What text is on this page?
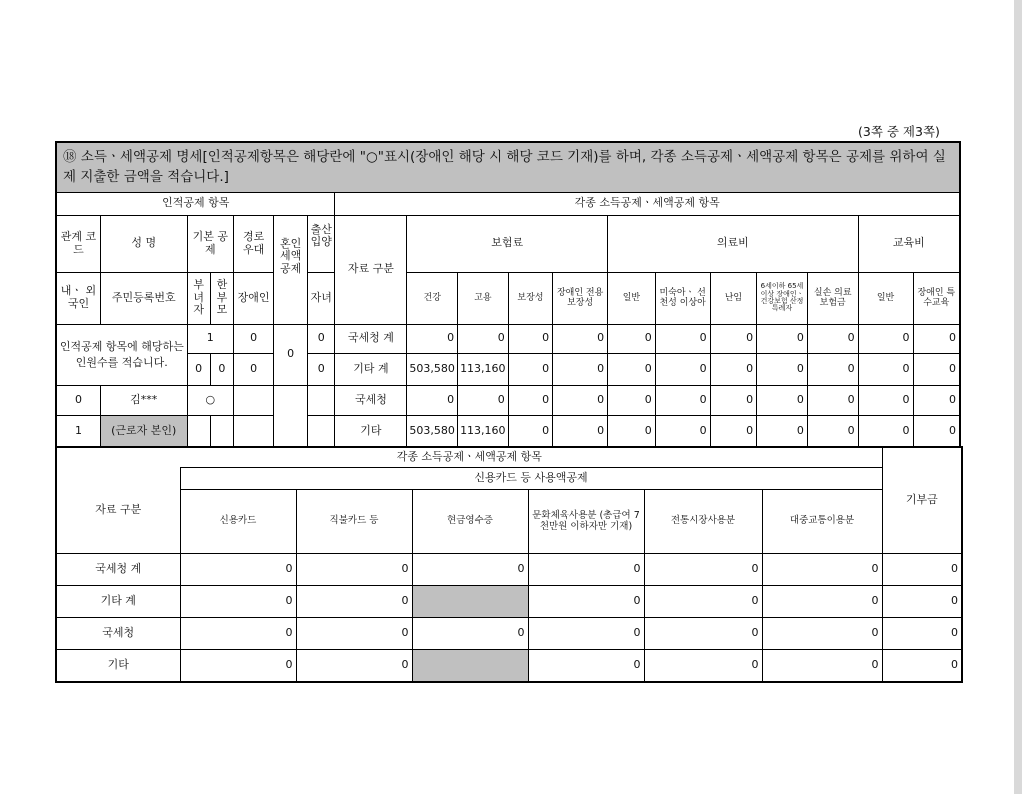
(3쪽 중 제3쪽)
⑱ 소득ㆍ세액공제 명세[인적공제항목은 해당란에 "○"표시(장애인 해당 시 해당 코드 기재)를 하며, 각종 소득공제ㆍ세액공제 항목은 공제를 위하여 실제 지출한 금액을 적습니다.]																		
인적공제 항목							각종 소득공제ㆍ세액공제 항목											
관계 코드	성 명	기본 공제		경로 우대	혼인 세액 공제	출산 입양	자료 구분	보험료				의료비					교육비	
내ㆍ 외 국인	주민등록번호	부녀자	한부모	장애인		자녀		건강	고용	보장성	장애인 전용 보장성	일반	미숙아ㆍ 선천성 이상아	난임	6세이하 65세이상 장애인ㆍ 건강보험 산정특례자	실손 의료 보험금	일반	장애인 특수교육
인적공제 항목에 해당하는 인원수를 적습니다.		1		0	0	0	국세청 계	0	0	0	0	0	0	0	0	0	0	0
		0	0	0		0	기타 계	503,580	113,160	0	0	0	0	0	0	0	0	0
0	김***	○					국세청	0	0	0	0	0	0	0	0	0	0	0
1	(근로자 본인)						기타	503,580	113,160	0	0	0	0	0	0	0	0	0
각종 소득공제ㆍ세액공제 항목							기부금
자료 구분	신용카드 등 사용액공제						
	신용카드	직불카드 등	현금영수증	문화체육사용분 (총급여 7천만원 이하자만 기재)	전통시장사용분	대중교통이용분	
국세청 계	0	0	0	0	0	0	0
기타 계	0	0		0	0	0	0
국세청	0	0	0	0	0	0	0
기타	0	0		0	0	0	0
